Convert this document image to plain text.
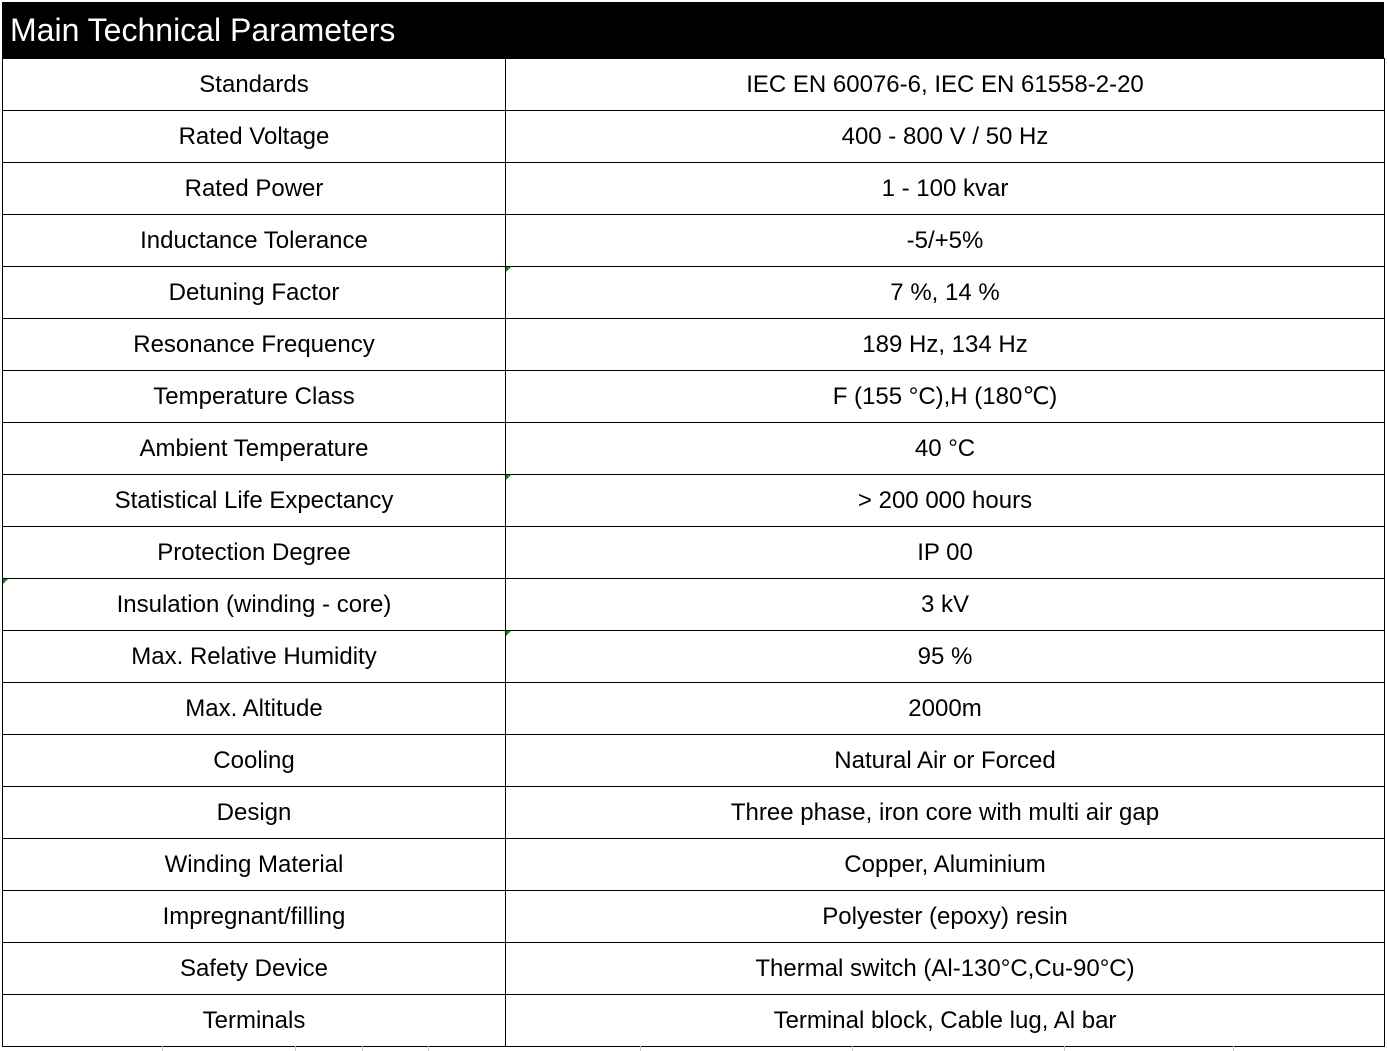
Main Technical Parameters
Standards	IEC EN 60076-6, IEC EN 61558-2-20
Rated Voltage	400 - 800 V / 50 Hz
Rated Power	1 - 100 kvar
Inductance Tolerance	-5/+5%
Detuning Factor	7 %, 14 %
Resonance Frequency	189 Hz, 134 Hz
Temperature Class	F (155 °C),H (180℃)
Ambient Temperature	40 °C
Statistical Life Expectancy	> 200 000 hours
Protection Degree	IP 00

Insulation (winding - core)	3 kV
Max. Relative Humidity	95 %
Max. Altitude	2000m
Cooling	Natural Air or Forced
Design	Three phase, iron core with multi air gap
Winding Material	Copper, Aluminium
Impregnant/filling	Polyester (epoxy) resin
Safety Device	Thermal switch (Al-130°C,Cu-90°C)
Terminals	Terminal block, Cable lug, Al bar
